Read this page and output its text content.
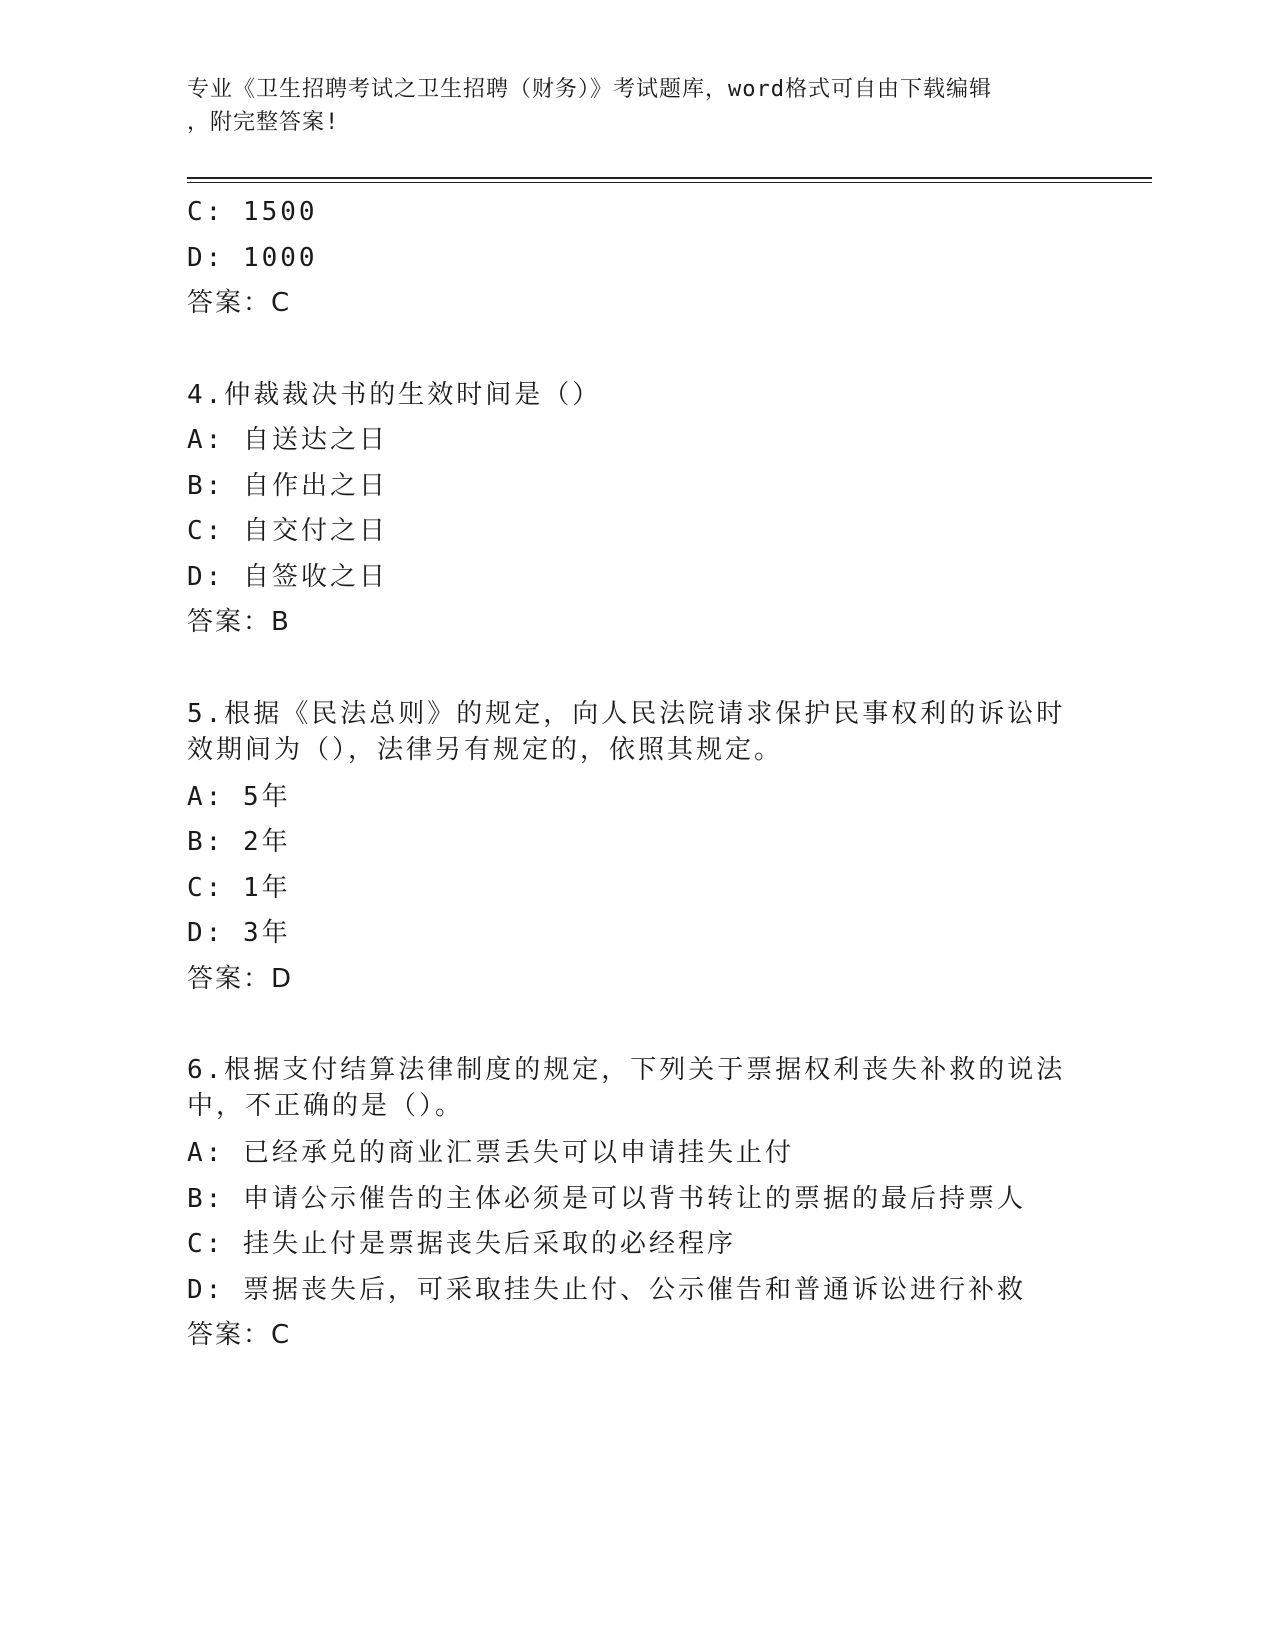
专业《卫生招聘考试之卫生招聘（财务）》考试题库，word格式可自由下载编辑
，附完整答案!
C: 1500
D: 1000
答案：C
4.仲裁裁决书的生效时间是（）
A: 自送达之日
B: 自作出之日
C: 自交付之日
D: 自签收之日
答案：B
5.根据《民法总则》的规定，向人民法院请求保护民事权利的诉讼时
效期间为（），法律另有规定的，依照其规定。
A: 5年
B: 2年
C: 1年
D: 3年
答案：D
6.根据支付结算法律制度的规定，下列关于票据权利丧失补救的说法
中，不正确的是（）。
A: 已经承兑的商业汇票丢失可以申请挂失止付
B: 申请公示催告的主体必须是可以背书转让的票据的最后持票人
C: 挂失止付是票据丧失后采取的必经程序
D: 票据丧失后，可采取挂失止付、公示催告和普通诉讼进行补救
答案：C
